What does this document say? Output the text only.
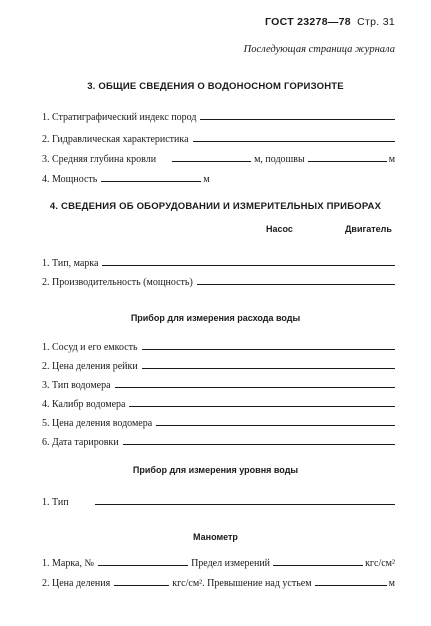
ГОСТ 23278—78 Стр. 31
Последующая страница журнала
3. ОБЩИЕ СВЕДЕНИЯ О ВОДОНОСНОМ ГОРИЗОНТЕ
1. Стратиграфический индекс пород
2. Гидравлическая характеристика
3. Средняя глубина кровли	м, подошвы	м
4. Мощность	м
4. СВЕДЕНИЯ ОБ ОБОРУДОВАНИИ И ИЗМЕРИТЕЛЬНЫХ ПРИБОРАХ
Насос	Двигатель
1. Тип, марка
2. Производительность (мощность)
Прибор для измерения расхода воды
1. Сосуд и его емкость
2. Цена деления рейки
3. Тип водомера
4. Калибр водомера
5. Цена деления водомера
6. Дата тарировки
Прибор для измерения уровня воды
1. Тип
Манометр
1. Марка, №	Предел измерений	кгс/см²
2. Цена деления	кгс/см². Превышение над устьем	м
